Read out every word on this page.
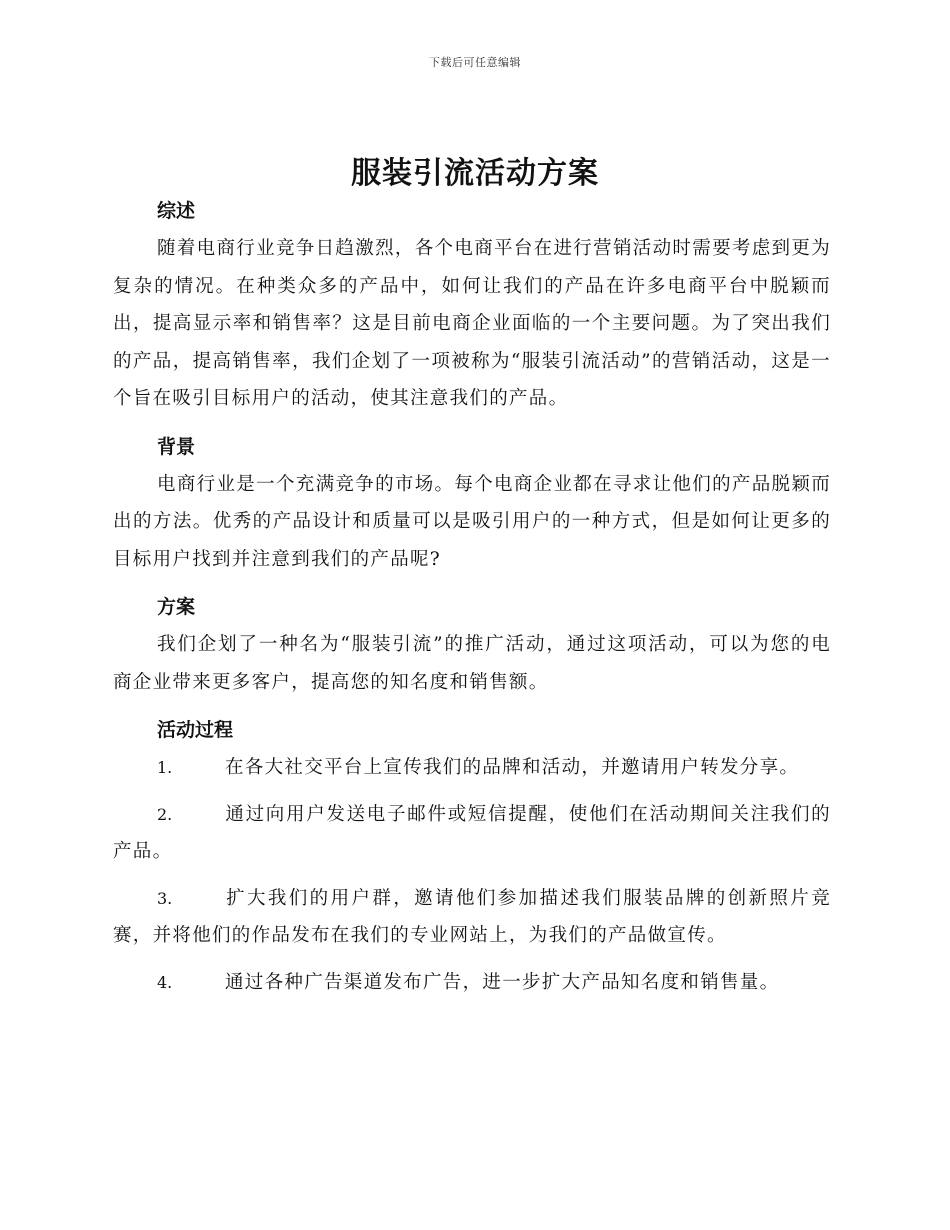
下载后可任意编辑
服装引流活动方案
综述

随着电商行业竞争日趋激烈，各个电商平台在进行营销活动时需要考虑到更为复杂的情况。在种类众多的产品中，如何让我们的产品在许多电商平台中脱颖而出，提高显示率和销售率？这是目前电商企业面临的一个主要问题。为了突出我们的产品，提高销售率，我们企划了一项被称为“服装引流活动”的营销活动，这是一个旨在吸引目标用户的活动，使其注意我们的产品。

背景

电商行业是一个充满竞争的市场。每个电商企业都在寻求让他们的产品脱颖而出的方法。优秀的产品设计和质量可以是吸引用户的一种方式，但是如何让更多的目标用户找到并注意到我们的产品呢?

方案

我们企划了一种名为“服装引流”的推广活动，通过这项活动，可以为您的电商企业带来更多客户，提高您的知名度和销售额。

活动过程
1.	在各大社交平台上宣传我们的品牌和活动，并邀请用户转发分享。
2.	通过向用户发送电子邮件或短信提醒，使他们在活动期间关注我们的产品。
3.	扩大我们的用户群，邀请他们参加描述我们服装品牌的创新照片竞赛，并将他们的作品发布在我们的专业网站上，为我们的产品做宣传。
4.	通过各种广告渠道发布广告，进一步扩大产品知名度和销售量。
